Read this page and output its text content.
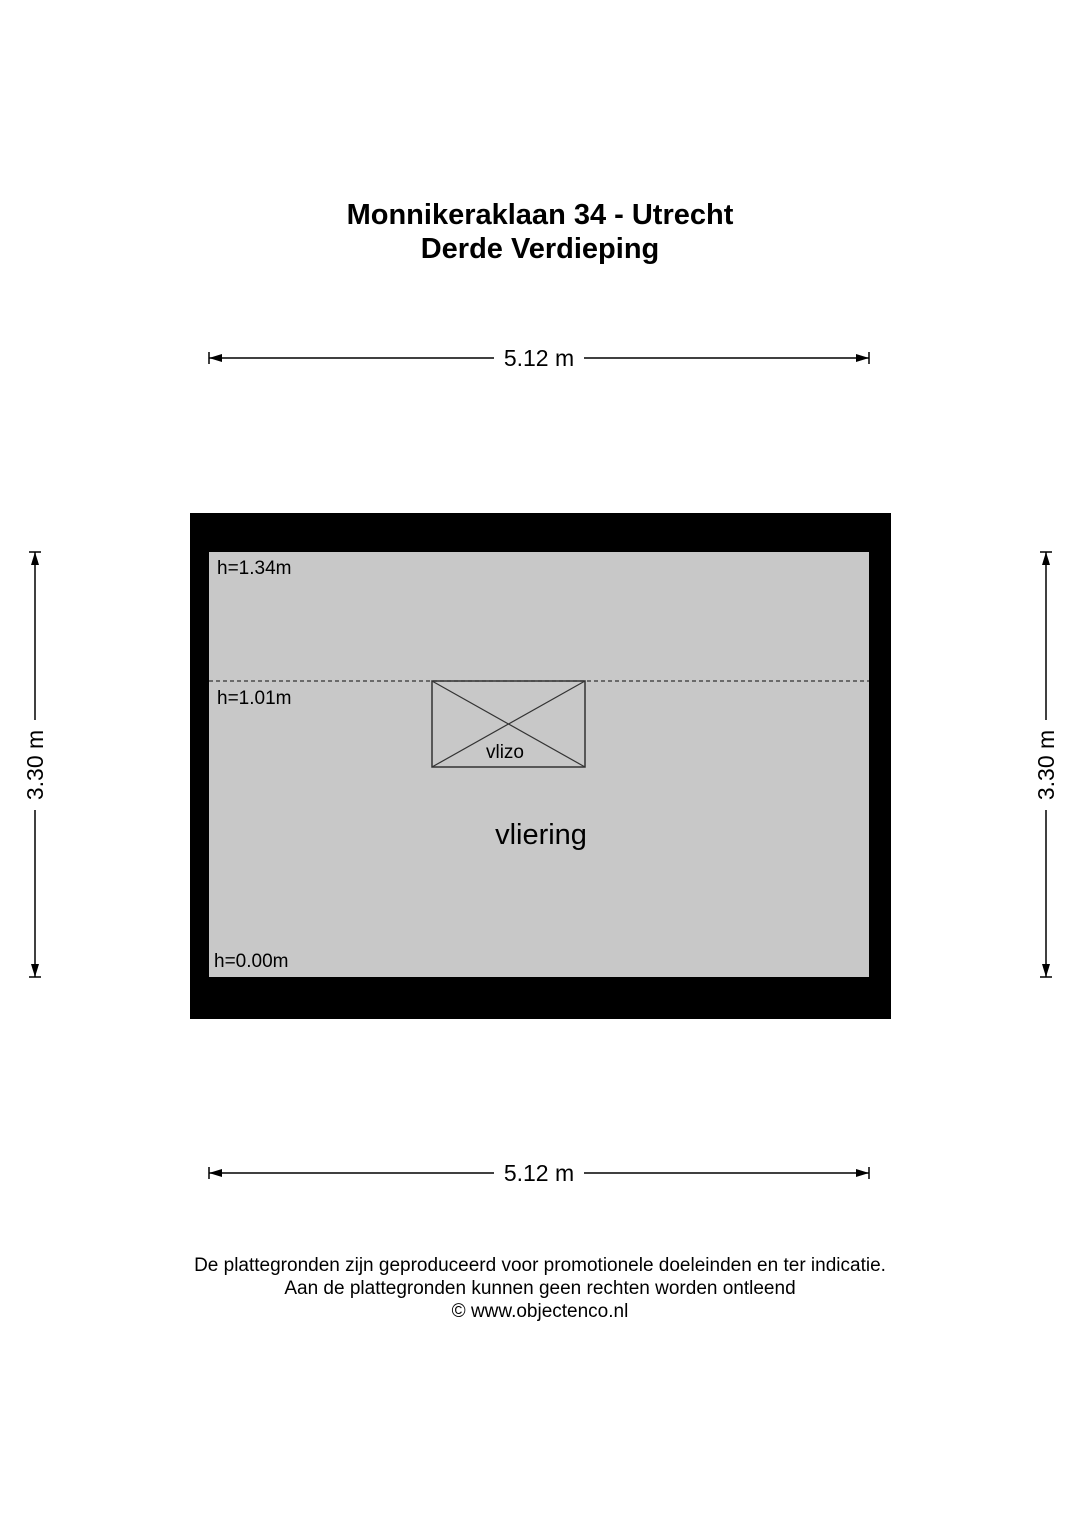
Monnikeraklaan 34 - Utrecht
Derde Verdieping
5.12 m
5.12 m
3.30 m	3.30 m
vlizo
h=1.34m
h=1.01m
h=0.00m
vliering

De plattegronden zijn geproduceerd voor promotionele doeleinden en ter indicatie.

Aan de plattegronden kunnen geen rechten worden ontleend

© www.objectenco.nl
